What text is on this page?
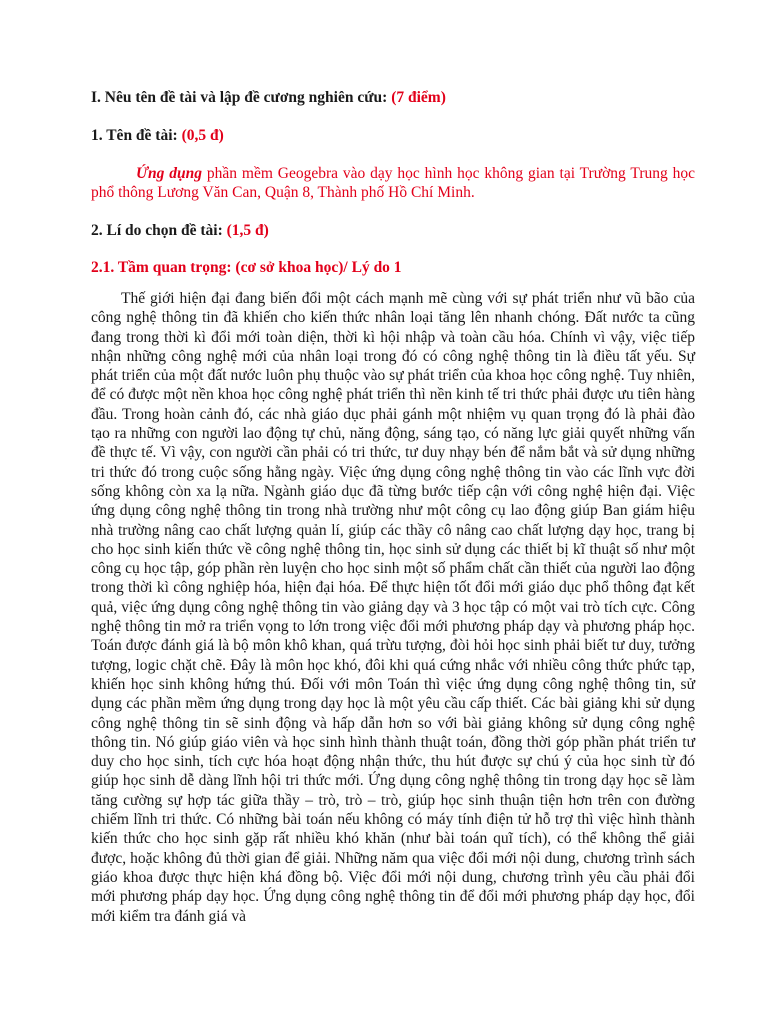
I. Nêu tên đề tài và lập đề cương nghiên cứu: (7 điểm)

1. Tên đề tài: (0,5 đ)

Ứng dụng phần mềm Geogebra vào dạy học hình học không gian tại Trường Trung học phổ thông Lương Văn Can, Quận 8, Thành phố Hồ Chí Minh.

2. Lí do chọn đề tài: (1,5 đ)

2.1. Tầm quan trọng: (cơ sở khoa học)/ Lý do 1

Thế giới hiện đại đang biến đổi một cách mạnh mẽ cùng với sự phát triển như vũ bão của công nghệ thông tin đã khiến cho kiến thức nhân loại tăng lên nhanh chóng. Đất nước ta cũng đang trong thời kì đổi mới toàn diện, thời kì hội nhập và toàn cầu hóa. Chính vì vậy, việc tiếp nhận những công nghệ mới của nhân loại trong đó có công nghệ thông tin là điều tất yếu. Sự phát triển của một đất nước luôn phụ thuộc vào sự phát triển của khoa học công nghệ. Tuy nhiên, để có được một nền khoa học công nghệ phát triển thì nền kinh tế tri thức phải được ưu tiên hàng đầu. Trong hoàn cảnh đó, các nhà giáo dục phải gánh một nhiệm vụ quan trọng đó là phải đào tạo ra những con người lao động tự chủ, năng động, sáng tạo, có năng lực giải quyết những vấn đề thực tế. Vì vậy, con người cần phải có tri thức, tư duy nhạy bén để nắm bắt và sử dụng những tri thức đó trong cuộc sống hằng ngày. Việc ứng dụng công nghệ thông tin vào các lĩnh vực đời sống không còn xa lạ nữa. Ngành giáo dục đã từng bước tiếp cận với công nghệ hiện đại. Việc ứng dụng công nghệ thông tin trong nhà trường như một công cụ lao động giúp Ban giám hiệu nhà trường nâng cao chất lượng quản lí, giúp các thầy cô nâng cao chất lượng dạy học, trang bị cho học sinh kiến thức về công nghệ thông tin, học sinh sử dụng các thiết bị kĩ thuật số như một công cụ học tập, góp phần rèn luyện cho học sinh một số phẩm chất cần thiết của người lao động trong thời kì công nghiệp hóa, hiện đại hóa. Để thực hiện tốt đổi mới giáo dục phổ thông đạt kết quả, việc ứng dụng công nghệ thông tin vào giảng dạy và 3 học tập có một vai trò tích cực. Công nghệ thông tin mở ra triển vọng to lớn trong việc đổi mới phương pháp dạy và phương pháp học. Toán được đánh giá là bộ môn khô khan, quá trừu tượng, đòi hỏi học sinh phải biết tư duy, tưởng tượng, logic chặt chẽ. Đây là môn học khó, đôi khi quá cứng nhắc với nhiều công thức phức tạp, khiến học sinh không hứng thú. Đối với môn Toán thì việc ứng dụng công nghệ thông tin, sử dụng các phần mềm ứng dụng trong dạy học là một yêu cầu cấp thiết. Các bài giảng khi sử dụng công nghệ thông tin sẽ sinh động và hấp dẫn hơn so với bài giảng không sử dụng công nghệ thông tin. Nó giúp giáo viên và học sinh hình thành thuật toán, đồng thời góp phần phát triển tư duy cho học sinh, tích cực hóa hoạt động nhận thức, thu hút được sự chú ý của học sinh từ đó giúp học sinh dễ dàng lĩnh hội tri thức mới. Ứng dụng công nghệ thông tin trong dạy học sẽ làm tăng cường sự hợp tác giữa thầy – trò, trò – trò, giúp học sinh thuận tiện hơn trên con đường chiếm lĩnh tri thức. Có những bài toán nếu không có máy tính điện tử hỗ trợ thì việc hình thành kiến thức cho học sinh gặp rất nhiều khó khăn (như bài toán quĩ tích), có thể không thể giải được, hoặc không đủ thời gian để giải. Những năm qua việc đổi mới nội dung, chương trình sách giáo khoa được thực hiện khá đồng bộ. Việc đổi mới nội dung, chương trình yêu cầu phải đổi mới phương pháp dạy học. Ứng dụng công nghệ thông tin để đổi mới phương pháp dạy học, đổi mới kiểm tra đánh giá và
